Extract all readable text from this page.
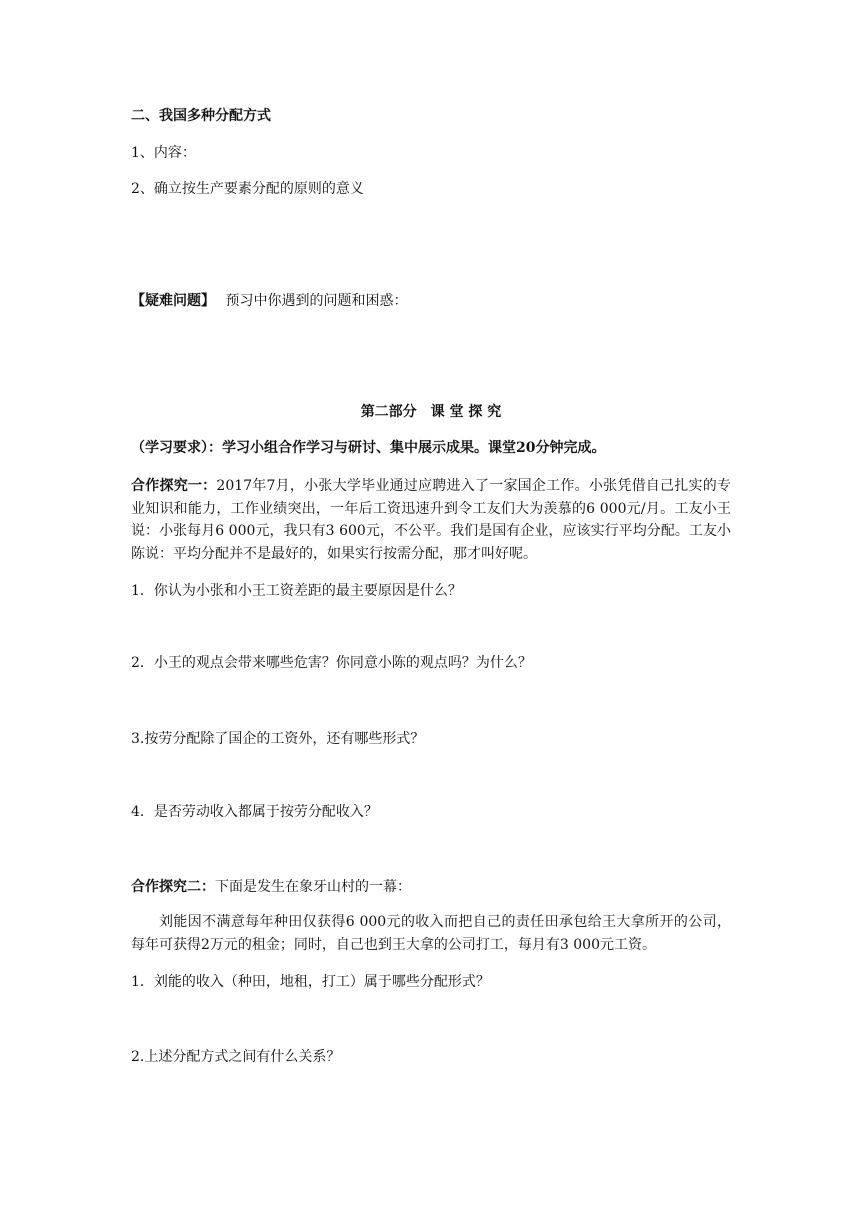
二、我国多种分配方式
1、内容：
2、确立按生产要素分配的原则的意义
【疑难问题】 预习中你遇到的问题和困惑：
第二部分　课 堂 探 究
（学习要求）：学习小组合作学习与研讨、集中展示成果。课堂20分钟完成。
合作探究一：2017年7月，小张大学毕业通过应聘进入了一家国企工作。小张凭借自己扎实的专业知识和能力，工作业绩突出，一年后工资迅速升到令工友们大为羡慕的6 000元/月。工友小王说：小张每月6 000元，我只有3 600元，不公平。我们是国有企业，应该实行平均分配。工友小陈说：平均分配并不是最好的，如果实行按需分配，那才叫好呢。
1．你认为小张和小王工资差距的最主要原因是什么？
2．小王的观点会带来哪些危害？你同意小陈的观点吗？为什么？
3.按劳分配除了国企的工资外，还有哪些形式？
4．是否劳动收入都属于按劳分配收入？
合作探究二：下面是发生在象牙山村的一幕：
刘能因不满意每年种田仅获得6 000元的收入而把自己的责任田承包给王大拿所开的公司，每年可获得2万元的租金；同时，自己也到王大拿的公司打工，每月有3 000元工资。
1．刘能的收入（种田，地租，打工）属于哪些分配形式？
2.上述分配方式之间有什么关系？
